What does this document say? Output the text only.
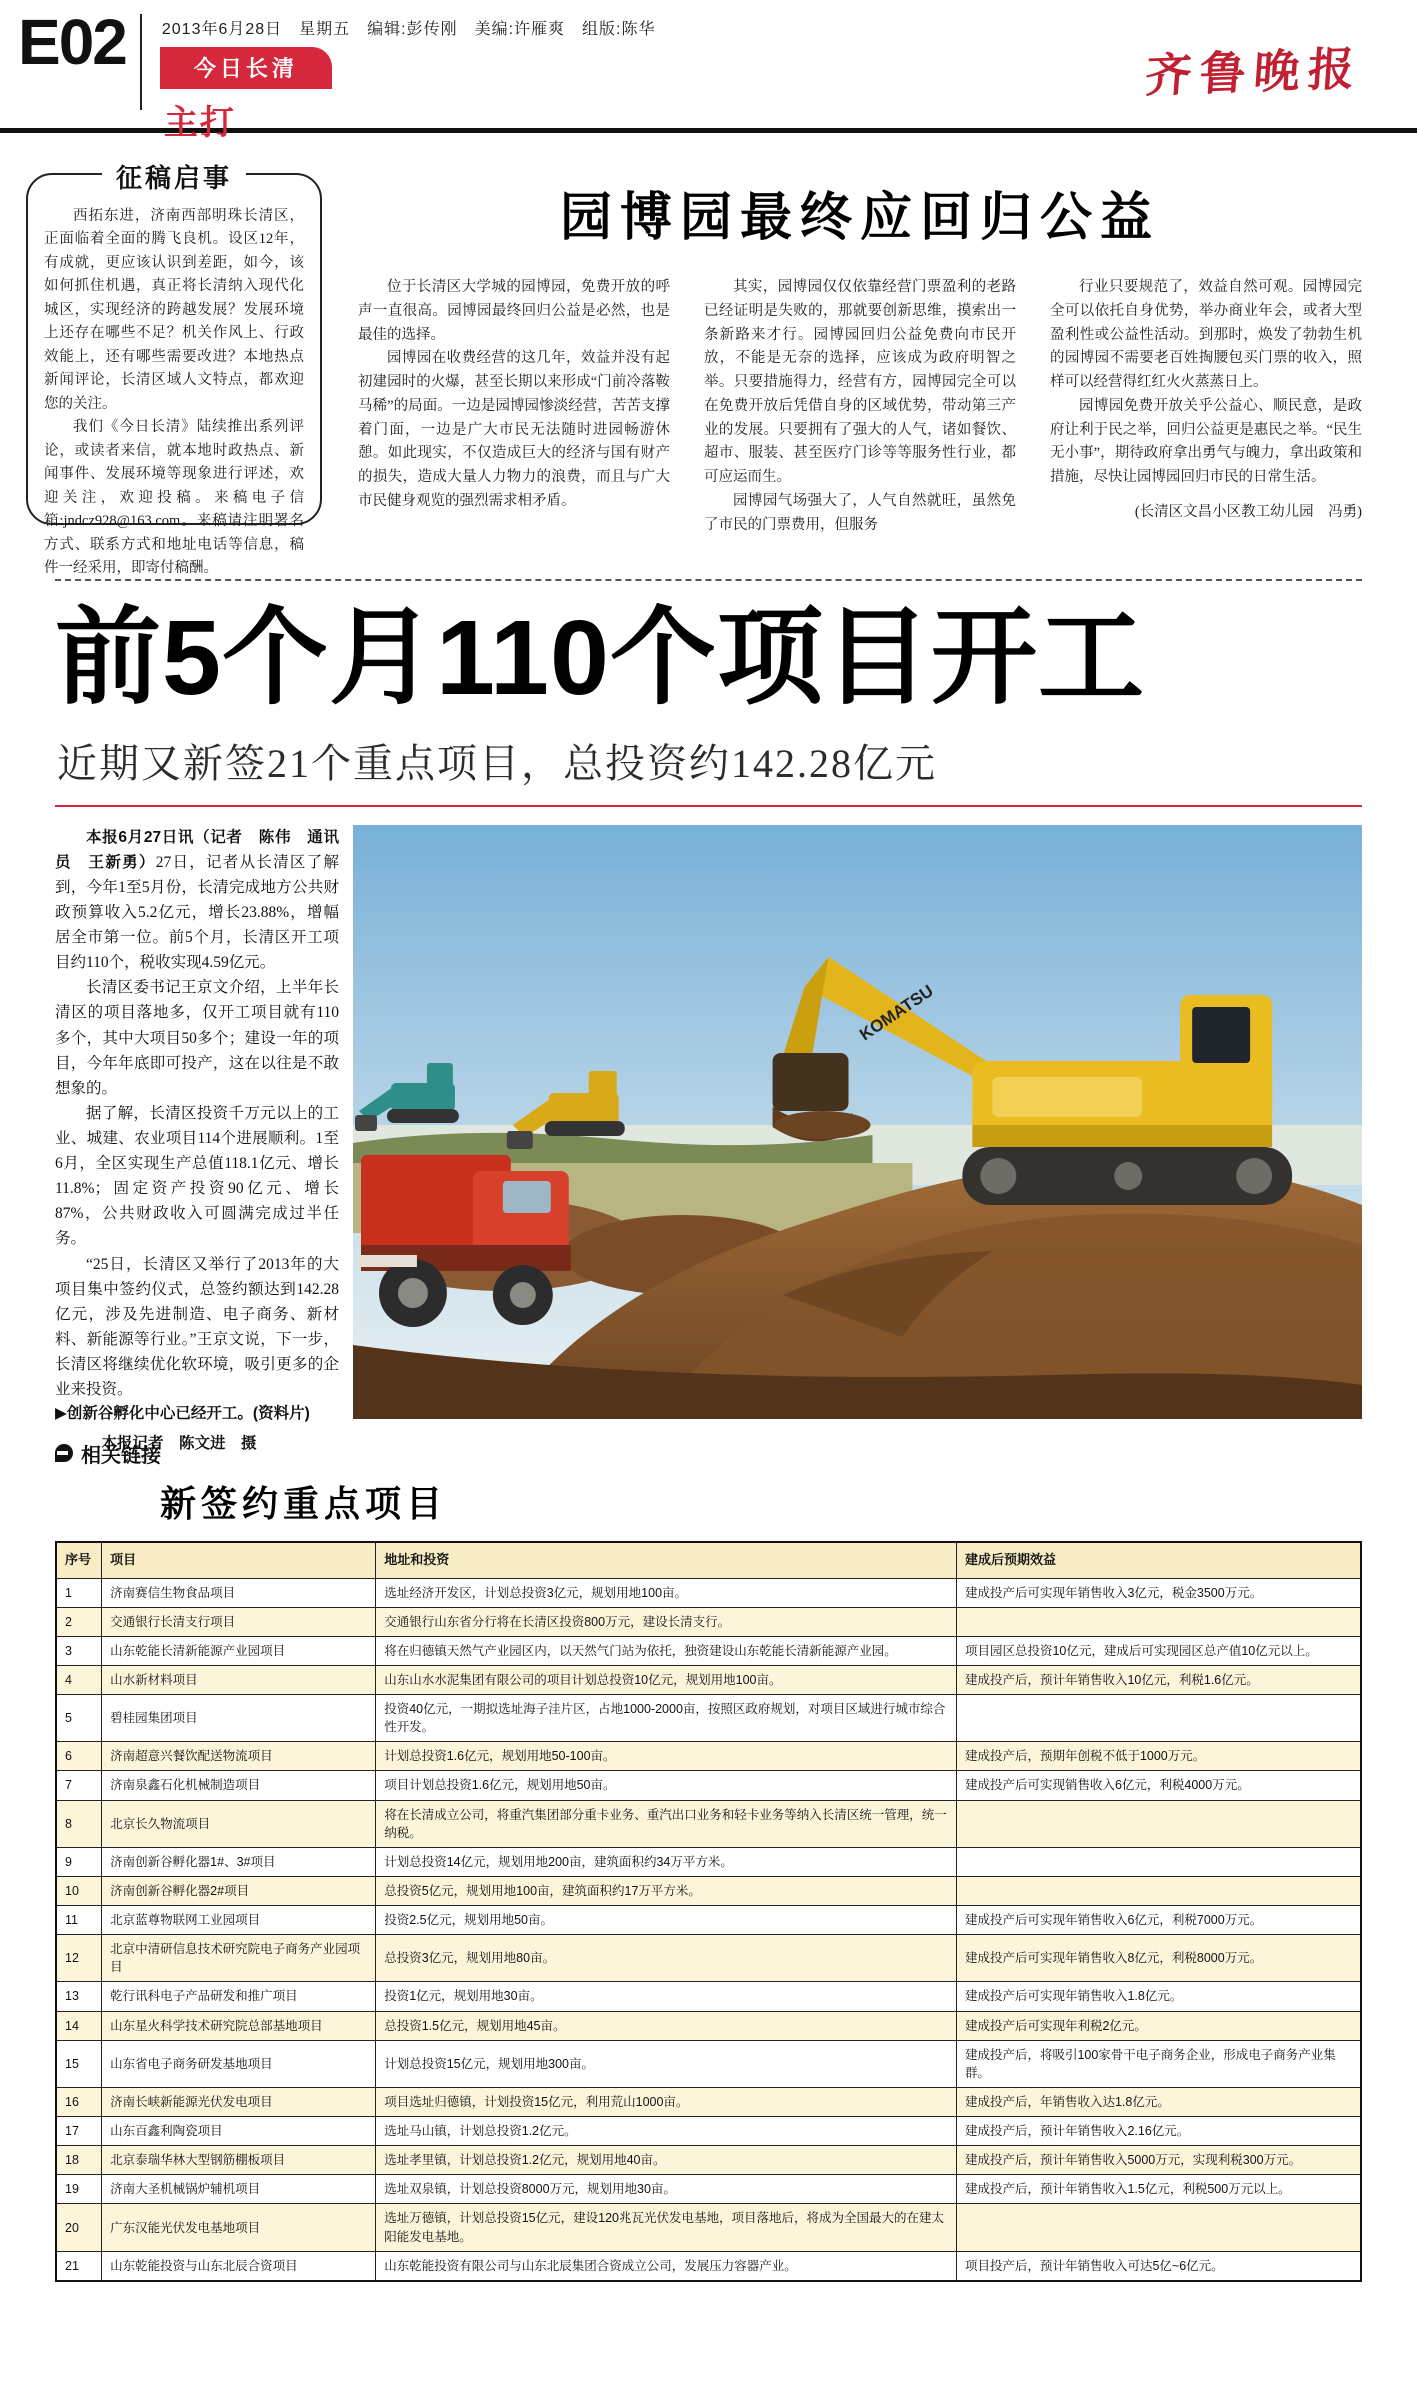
E02 2013年6月28日　星期五　编辑:彭传刚　美编:许雁爽　组版:陈华
今日长清
主打
齐鲁晚报
征稿启事

西拓东进，济南西部明珠长清区，正面临着全面的腾飞良机。设区12年，有成就，更应该认识到差距，如今，该如何抓住机遇，真正将长清纳入现代化城区，实现经济的跨越发展？发展环境上还存在哪些不足？机关作风上、行政效能上，还有哪些需要改进？本地热点新闻评论，长清区域人文特点，都欢迎您的关注。

我们《今日长清》陆续推出系列评论，或读者来信，就本地时政热点、新闻事件、发展环境等现象进行评述，欢迎关注，欢迎投稿。来稿电子信箱:jndcz928@163.com。来稿请注明署名方式、联系方式和地址电话等信息，稿件一经采用，即寄付稿酬。

园博园最终应回归公益

位于长清区大学城的园博园，免费开放的呼声一直很高。园博园最终回归公益是必然，也是最佳的选择。

园博园在收费经营的这几年，效益并没有起初建园时的火爆，甚至长期以来形成“门前冷落鞍马稀”的局面。一边是园博园惨淡经营，苦苦支撑着门面，一边是广大市民无法随时进园畅游休憩。如此现实，不仅造成巨大的经济与国有财产的损失，造成大量人力物力的浪费，而且与广大市民健身观览的强烈需求相矛盾。

其实，园博园仅仅依靠经营门票盈利的老路已经证明是失败的，那就要创新思维，摸索出一条新路来才行。园博园回归公益免费向市民开放，不能是无奈的选择，应该成为政府明智之举。只要措施得力，经营有方，园博园完全可以在免费开放后凭借自身的区域优势，带动第三产业的发展。只要拥有了强大的人气，诸如餐饮、超市、服装、甚至医疗门诊等等服务性行业，都可应运而生。

园博园气场强大了，人气自然就旺，虽然免了市民的门票费用，但服务

行业只要规范了，效益自然可观。园博园完全可以依托自身优势，举办商业年会，或者大型盈利性或公益性活动。到那时，焕发了勃勃生机的园博园不需要老百姓掏腰包买门票的收入，照样可以经营得红红火火蒸蒸日上。

园博园免费开放关乎公益心、顺民意，是政府让利于民之举，回归公益更是惠民之举。“民生无小事”，期待政府拿出勇气与魄力，拿出政策和措施，尽快让园博园回归市民的日常生活。

(长清区文昌小区教工幼儿园　冯勇)
前5个月110个项目开工
近期又新签21个重点项目，总投资约142.28亿元

本报6月27日讯（记者　陈伟　通讯员　王新勇）27日，记者从长清区了解到，今年1至5月份，长清完成地方公共财政预算收入5.2亿元，增长23.88%，增幅居全市第一位。前5个月，长清区开工项目约110个，税收实现4.59亿元。

长清区委书记王京文介绍，上半年长清区的项目落地多，仅开工项目就有110多个，其中大项目50多个；建设一年的项目，今年年底即可投产，这在以往是不敢想象的。

据了解，长清区投资千万元以上的工业、城建、农业项目114个进展顺利。1至6月，全区实现生产总值118.1亿元、增长11.8%；固定资产投资90亿元、增长87%，公共财政收入可圆满完成过半任务。

“25日，长清区又举行了2013年的大项目集中签约仪式，总签约额达到142.28亿元，涉及先进制造、电子商务、新材料、新能源等行业。”王京文说，下一步，长清区将继续优化软环境，吸引更多的企业来投资。

▶创新谷孵化中心已经开工。(资料片)
本报记者　陈文进　摄
KOMATSU
相关链接
新签约重点项目
序号	项目	地址和投资	建成后预期效益
1	济南赛信生物食品项目	选址经济开发区，计划总投资3亿元，规划用地100亩。	建成投产后可实现年销售收入3亿元，税金3500万元。
2	交通银行长清支行项目	交通银行山东省分行将在长清区投资800万元，建设长清支行。	
3	山东乾能长清新能源产业园项目	将在归德镇天然气产业园区内，以天然气门站为依托，独资建设山东乾能长清新能源产业园。	项目园区总投资10亿元，建成后可实现园区总产值10亿元以上。
4	山水新材料项目	山东山水水泥集团有限公司的项目计划总投资10亿元，规划用地100亩。	建成投产后，预计年销售收入10亿元，利税1.6亿元。
5	碧桂园集团项目	投资40亿元，一期拟选址海子洼片区，占地1000-2000亩，按照区政府规划，对项目区域进行城市综合性开发。	
6	济南超意兴餐饮配送物流项目	计划总投资1.6亿元，规划用地50-100亩。	建成投产后，预期年创税不低于1000万元。
7	济南泉鑫石化机械制造项目	项目计划总投资1.6亿元，规划用地50亩。	建成投产后可实现销售收入6亿元，利税4000万元。
8	北京长久物流项目	将在长清成立公司，将重汽集团部分重卡业务、重汽出口业务和轻卡业务等纳入长清区统一管理，统一纳税。	
9	济南创新谷孵化器1#、3#项目	计划总投资14亿元，规划用地200亩，建筑面积约34万平方米。	
10	济南创新谷孵化器2#项目	总投资5亿元，规划用地100亩，建筑面积约17万平方米。	
11	北京蓝尊物联网工业园项目	投资2.5亿元，规划用地50亩。	建成投产后可实现年销售收入6亿元，利税7000万元。
12	北京中清研信息技术研究院电子商务产业园项目	总投资3亿元，规划用地80亩。	建成投产后可实现年销售收入8亿元，利税8000万元。
13	乾行讯科电子产品研发和推广项目	投资1亿元，规划用地30亩。	建成投产后可实现年销售收入1.8亿元。
14	山东星火科学技术研究院总部基地项目	总投资1.5亿元，规划用地45亩。	建成投产后可实现年利税2亿元。
15	山东省电子商务研发基地项目	计划总投资15亿元，规划用地300亩。	建成投产后，将吸引100家骨干电子商务企业，形成电子商务产业集群。
16	济南长峡新能源光伏发电项目	项目选址归德镇，计划投资15亿元，利用荒山1000亩。	建成投产后，年销售收入达1.8亿元。
17	山东百鑫利陶瓷项目	选址马山镇，计划总投资1.2亿元。	建成投产后，预计年销售收入2.16亿元。
18	北京泰瑞华林大型钢筋棚板项目	选址孝里镇，计划总投资1.2亿元，规划用地40亩。	建成投产后，预计年销售收入5000万元，实现利税300万元。
19	济南大圣机械锅炉辅机项目	选址双泉镇，计划总投资8000万元，规划用地30亩。	建成投产后，预计年销售收入1.5亿元，利税500万元以上。
20	广东汉能光伏发电基地项目	选址万德镇，计划总投资15亿元，建设120兆瓦光伏发电基地，项目落地后，将成为全国最大的在建太阳能发电基地。	
21	山东乾能投资与山东北辰合资项目	山东乾能投资有限公司与山东北辰集团合资成立公司，发展压力容器产业。	项目投产后，预计年销售收入可达5亿~6亿元。
